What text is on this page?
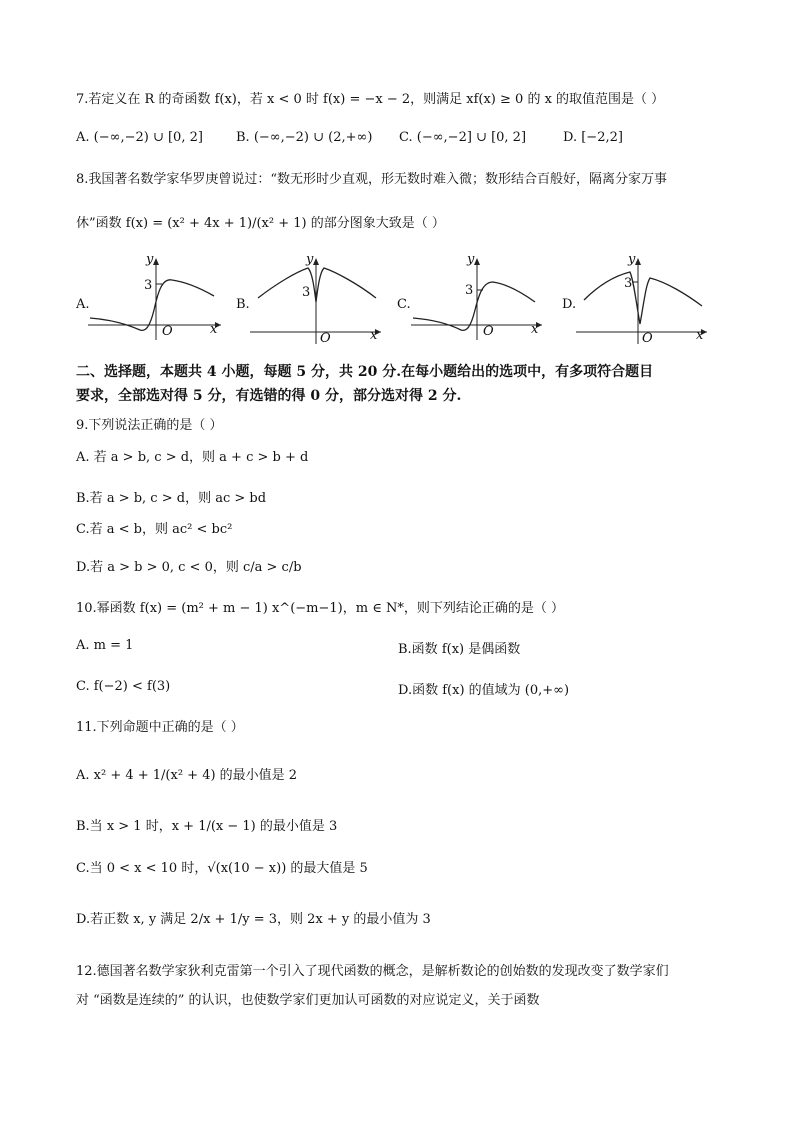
7.若定义在 R 的奇函数 f(x)，若 x < 0 时 f(x) = −x − 2，则满足 xf(x) ≥ 0 的 x 的取值范围是（ ）
A. (−∞,−2) ∪ [0, 2]	B. (−∞,−2) ∪ (2,+∞) C. (−∞,−2] ∪ [0, 2]	D. [−2,2]
8.我国著名数学家华罗庚曾说过：“数无形时少直观，形无数时难入微；数形结合百般好，隔离分家万事
休”函数 f(x) = (x² + 4x + 1)/(x² + 1) 的部分图象大致是（ ）
A.
y
3
O	x
B.
y
3
O	x
C.
y
3
O	x
D.
y
3
O	x
二、选择题，本题共 4 小题，每题 5 分，共 20 分.在每小题给出的选项中，有多项符合题目
要求，全部选对得 5 分，有选错的得 0 分，部分选对得 2 分.
9.下列说法正确的是（ ）
A. 若 a > b, c > d，则 a + c > b + d
B.若 a > b, c > d，则 ac > bd
C.若 a < b，则 ac² < bc²
D.若 a > b > 0, c < 0，则 c/a > c/b
10.幂函数 f(x) = (m² + m − 1) x^(−m−1)，m ∈ N*，则下列结论正确的是（ ）
A. m = 1	B.函数 f(x) 是偶函数
C. f(−2) < f(3)	D.函数 f(x) 的值域为 (0,+∞)
11.下列命题中正确的是（ ）
A. x² + 4 + 1/(x² + 4) 的最小值是 2
B.当 x > 1 时，x + 1/(x − 1) 的最小值是 3
C.当 0 < x < 10 时，√(x(10 − x)) 的最大值是 5
D.若正数 x, y 满足 2/x + 1/y = 3，则 2x + y 的最小值为 3
12.德国著名数学家狄利克雷第一个引入了现代函数的概念，是解析数论的创始数的发现改变了数学家们
对 “函数是连续的” 的认识，也使数学家们更加认可函数的对应说定义，关于函数
